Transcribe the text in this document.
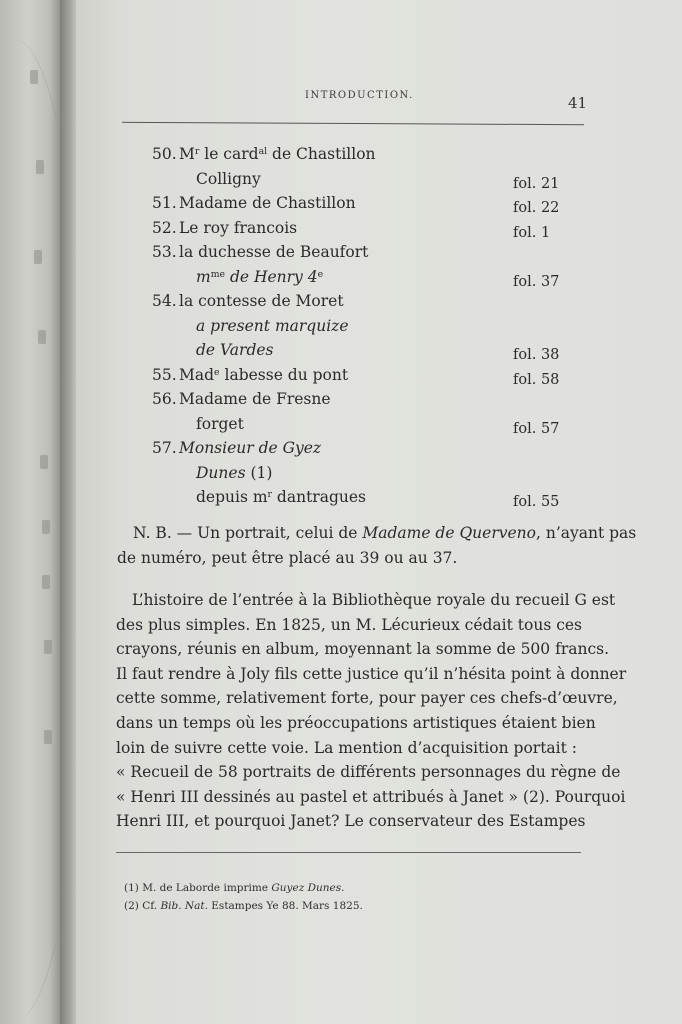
INTRODUCTION.	41
50. $M^r$ le card$^{al}$ de Chastillon
Colligny	fol. 21
51. Madame de Chastillon	fol. 22
52. Le roy francois	fol. 1
53. la duchesse de Beaufort
$m^{me}$ de Henry 4e	fol. 37
54. la contesse de Moret
a present marquize
de Vardes	fol. 38
55. Mad$^e$ labesse du pont	fol. 58
56. Madame de Fresne
forget	fol. 57
57. Monsieur de Gyez
Dunes (1)
depuis $m^r$ dantragues	fol. 55
N. B. — Un portrait, celui de Madame de Querveno, n’ayant pas
de numéro, peut être placé au 39 ou au 37.
L’histoire de l’entrée à la Bibliothèque royale du recueil G est
des plus simples. En 1825, un M. Lécurieux cédait tous ces
crayons, réunis en album, moyennant la somme de 500 francs.
Il faut rendre à Joly fils cette justice qu’il n’hésita point à donner
cette somme, relativement forte, pour payer ces chefs-d’œuvre,
dans un temps où les préoccupations artistiques étaient bien
loin de suivre cette voie. La mention d’acquisition portait :
« Recueil de 58 portraits de différents personnages du règne de
« Henri III dessinés au pastel et attribués à Janet » (2). Pourquoi
Henri III, et pourquoi Janet? Le conservateur des Estampes
(1) M. de Laborde imprime Guyez Dunes.
(2) Cf. Bib. Nat. Estampes Ye 88. Mars 1825.
